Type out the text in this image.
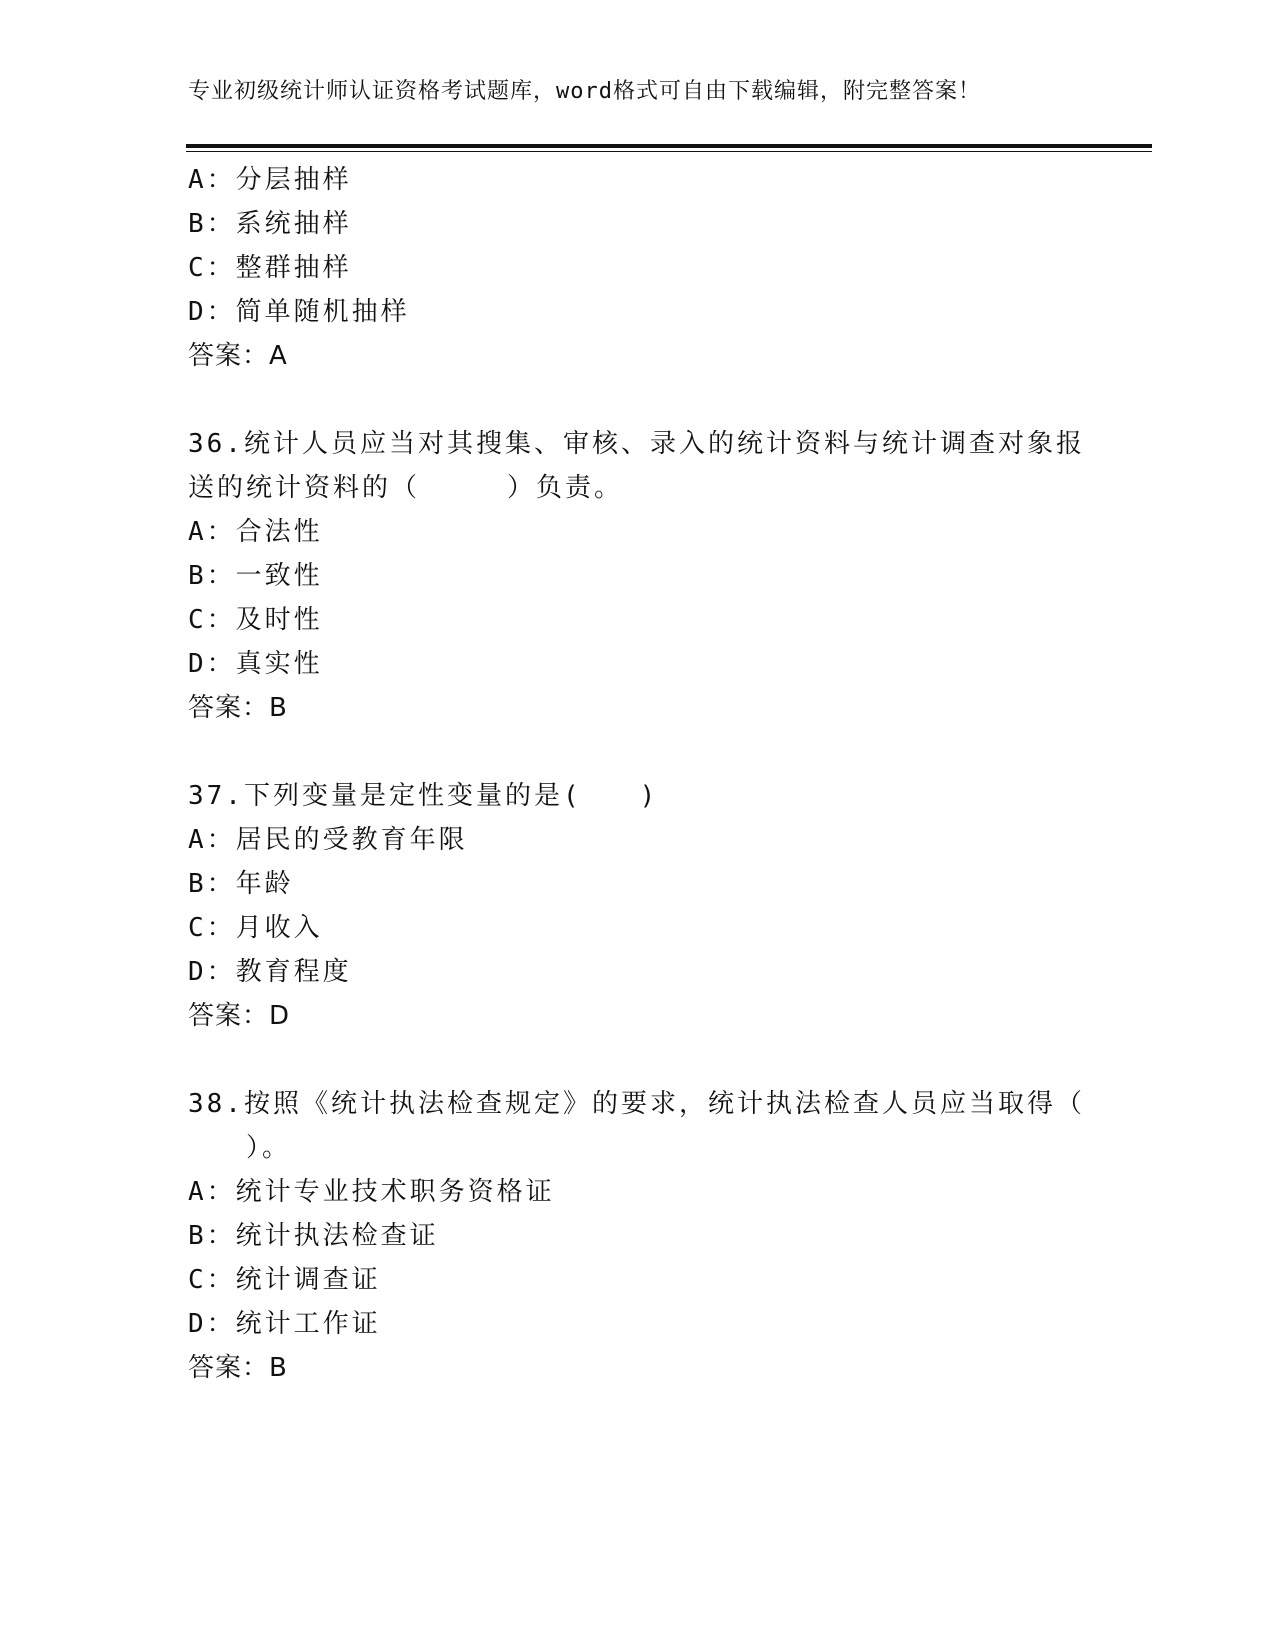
专业初级统计师认证资格考试题库，word格式可自由下载编辑，附完整答案！
A：分层抽样
B：系统抽样
C：整群抽样
D：简单随机抽样
答案：A
36.统计人员应当对其搜集、审核、录入的统计资料与统计调查对象报
送的统计资料的（　　　）负责。
A：合法性
B：一致性
C：及时性
D：真实性
答案：B
37.下列变量是定性变量的是(　　)
A：居民的受教育年限
B：年龄
C：月收入
D：教育程度
答案：D
38.按照《统计执法检查规定》的要求，统计执法检查人员应当取得（
　　）。
A：统计专业技术职务资格证
B：统计执法检查证
C：统计调查证
D：统计工作证
答案：B
